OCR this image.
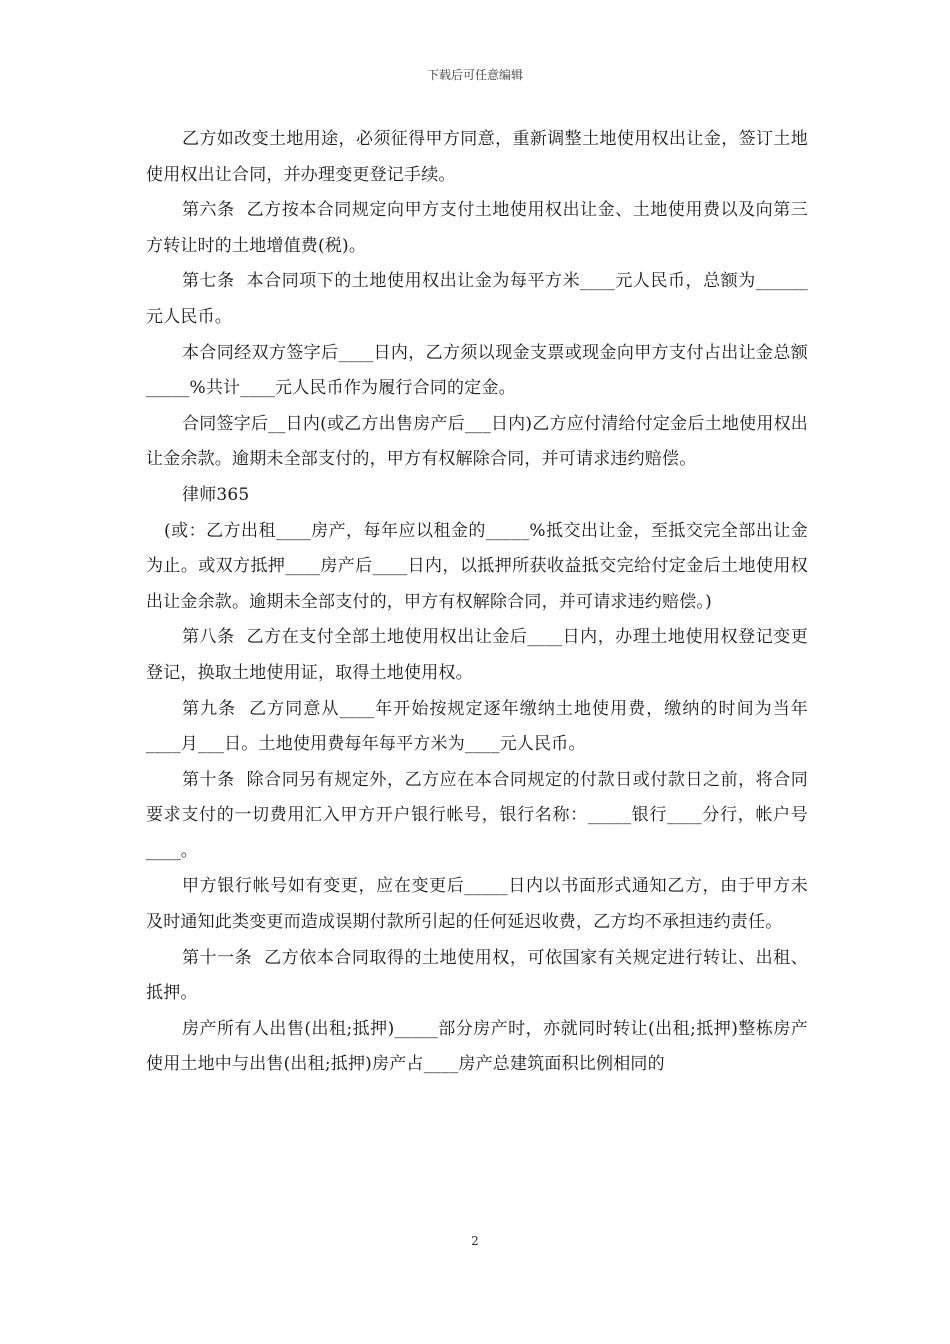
下载后可任意编辑

乙方如改变土地用途，必须征得甲方同意，重新调整土地使用权出让金，签订土地使用权出让合同，并办理变更登记手续。

第六条  乙方按本合同规定向甲方支付土地使用权出让金、土地使用费以及向第三方转让时的土地增值费(税)。

第七条  本合同项下的土地使用权出让金为每平方米____元人民币，总额为______元人民币。

本合同经双方签字后____日内，乙方须以现金支票或现金向甲方支付占出让金总额_____%共计____元人民币作为履行合同的定金。

合同签字后__日内(或乙方出售房产后___日内)乙方应付清给付定金后土地使用权出让金余款。逾期未全部支付的，甲方有权解除合同，并可请求违约赔偿。

律师365

(或：乙方出租____房产，每年应以租金的_____%抵交出让金，至抵交完全部出让金为止。或双方抵押____房产后____日内，以抵押所获收益抵交完给付定金后土地使用权出让金余款。逾期未全部支付的，甲方有权解除合同，并可请求违约赔偿。)

第八条  乙方在支付全部土地使用权出让金后____日内，办理土地使用权登记变更登记，换取土地使用证，取得土地使用权。

第九条  乙方同意从____年开始按规定逐年缴纳土地使用费，缴纳的时间为当年____月___日。土地使用费每年每平方米为____元人民币。

第十条  除合同另有规定外，乙方应在本合同规定的付款日或付款日之前，将合同要求支付的一切费用汇入甲方开户银行帐号，银行名称：_____银行____分行，帐户号____。

甲方银行帐号如有变更，应在变更后_____日内以书面形式通知乙方，由于甲方未及时通知此类变更而造成误期付款所引起的任何延迟收费，乙方均不承担违约责任。

第十一条  乙方依本合同取得的土地使用权，可依国家有关规定进行转让、出租、抵押。

房产所有人出售(出租;抵押)_____部分房产时，亦就同时转让(出租;抵押)整栋房产使用土地中与出售(出租;抵押)房产占____房产总建筑面积比例相同的

2
